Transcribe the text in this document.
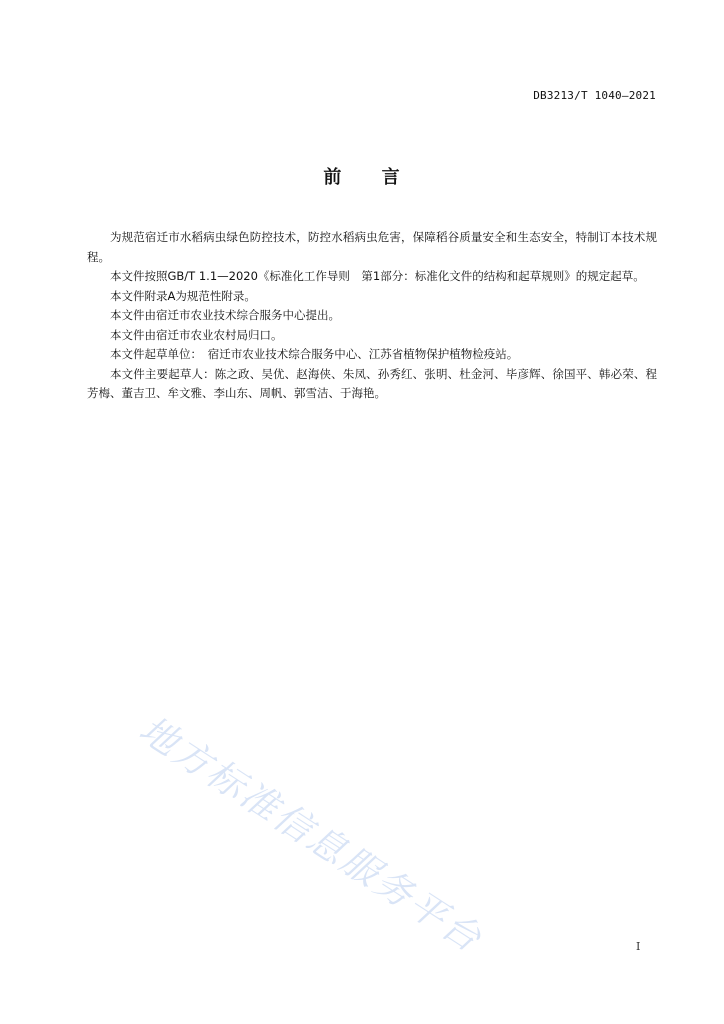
DB3213/T 1040—2021
前 言

为规范宿迁市水稻病虫绿色防控技术，防控水稻病虫危害，保障稻谷质量安全和生态安全，特制订本技术规程。

本文件按照GB/T 1.1—2020《标准化工作导则　第1部分：标准化文件的结构和起草规则》的规定起草。

本文件附录A为规范性附录。

本文件由宿迁市农业技术综合服务中心提出。

本文件由宿迁市农业农村局归口。

本文件起草单位：　宿迁市农业技术综合服务中心、江苏省植物保护植物检疫站。

本文件主要起草人：陈之政、吴优、赵海侠、朱凤、孙秀红、张明、杜金河、毕彦辉、徐国平、韩必荣、程芳梅、董吉卫、牟文雅、李山东、周帆、郭雪洁、于海艳。

地方标准信息服务平台	I
